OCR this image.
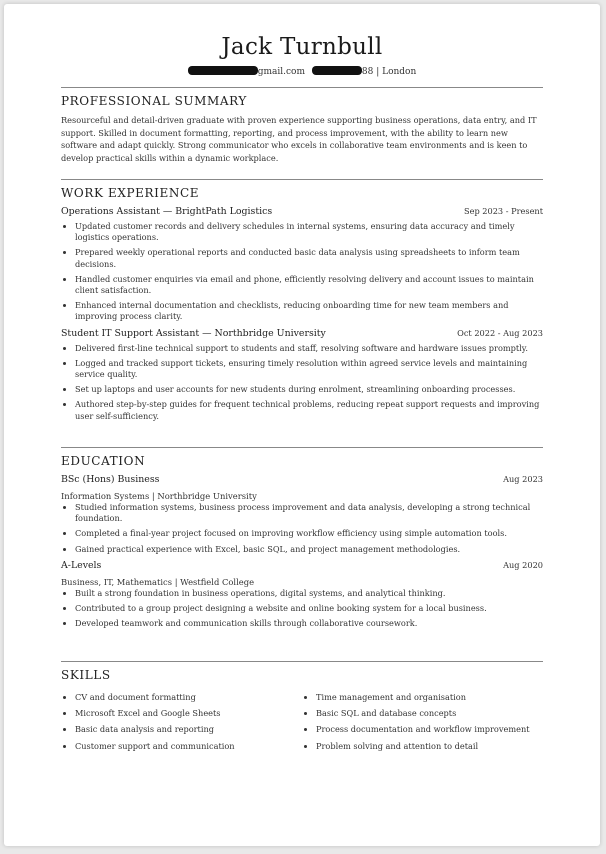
Jack Turnbull
gmail.com	88 | London
PROFESSIONAL SUMMARY
Resourceful and detail-driven graduate with proven experience supporting business operations, data entry, and IT support. Skilled in document formatting, reporting, and process improvement, with the ability to learn new software and adapt quickly. Strong communicator who excels in collaborative team environments and is keen to develop practical skills within a dynamic workplace.
WORK EXPERIENCE
Operations Assistant — BrightPath Logistics	Sep 2023 - Present
• Updated customer records and delivery schedules in internal systems, ensuring data accuracy and timely logistics operations.
• Prepared weekly operational reports and conducted basic data analysis using spreadsheets to inform team decisions.
• Handled customer enquiries via email and phone, efficiently resolving delivery and account issues to maintain client satisfaction.
• Enhanced internal documentation and checklists, reducing onboarding time for new team members and improving process clarity.
Student IT Support Assistant — Northbridge University	Oct 2022 - Aug 2023
• Delivered first-line technical support to students and staff, resolving software and hardware issues promptly.
• Logged and tracked support tickets, ensuring timely resolution within agreed service levels and maintaining service quality.
• Set up laptops and user accounts for new students during enrolment, streamlining onboarding processes.
• Authored step-by-step guides for frequent technical problems, reducing repeat support requests and improving user self-sufficiency.
EDUCATION
BSc (Hons) Business	Aug 2023
Information Systems | Northbridge University
• Studied information systems, business process improvement and data analysis, developing a strong technical foundation.
• Completed a final-year project focused on improving workflow efficiency using simple automation tools.
• Gained practical experience with Excel, basic SQL, and project management methodologies.
A-Levels	Aug 2020
Business, IT, Mathematics | Westfield College
• Built a strong foundation in business operations, digital systems, and analytical thinking.
• Contributed to a group project designing a website and online booking system for a local business.
• Developed teamwork and communication skills through collaborative coursework.
SKILLS
• CV and document formatting
• Microsoft Excel and Google Sheets
• Basic data analysis and reporting
• Customer support and communication
• Time management and organisation
• Basic SQL and database concepts
• Process documentation and workflow improvement
• Problem solving and attention to detail
